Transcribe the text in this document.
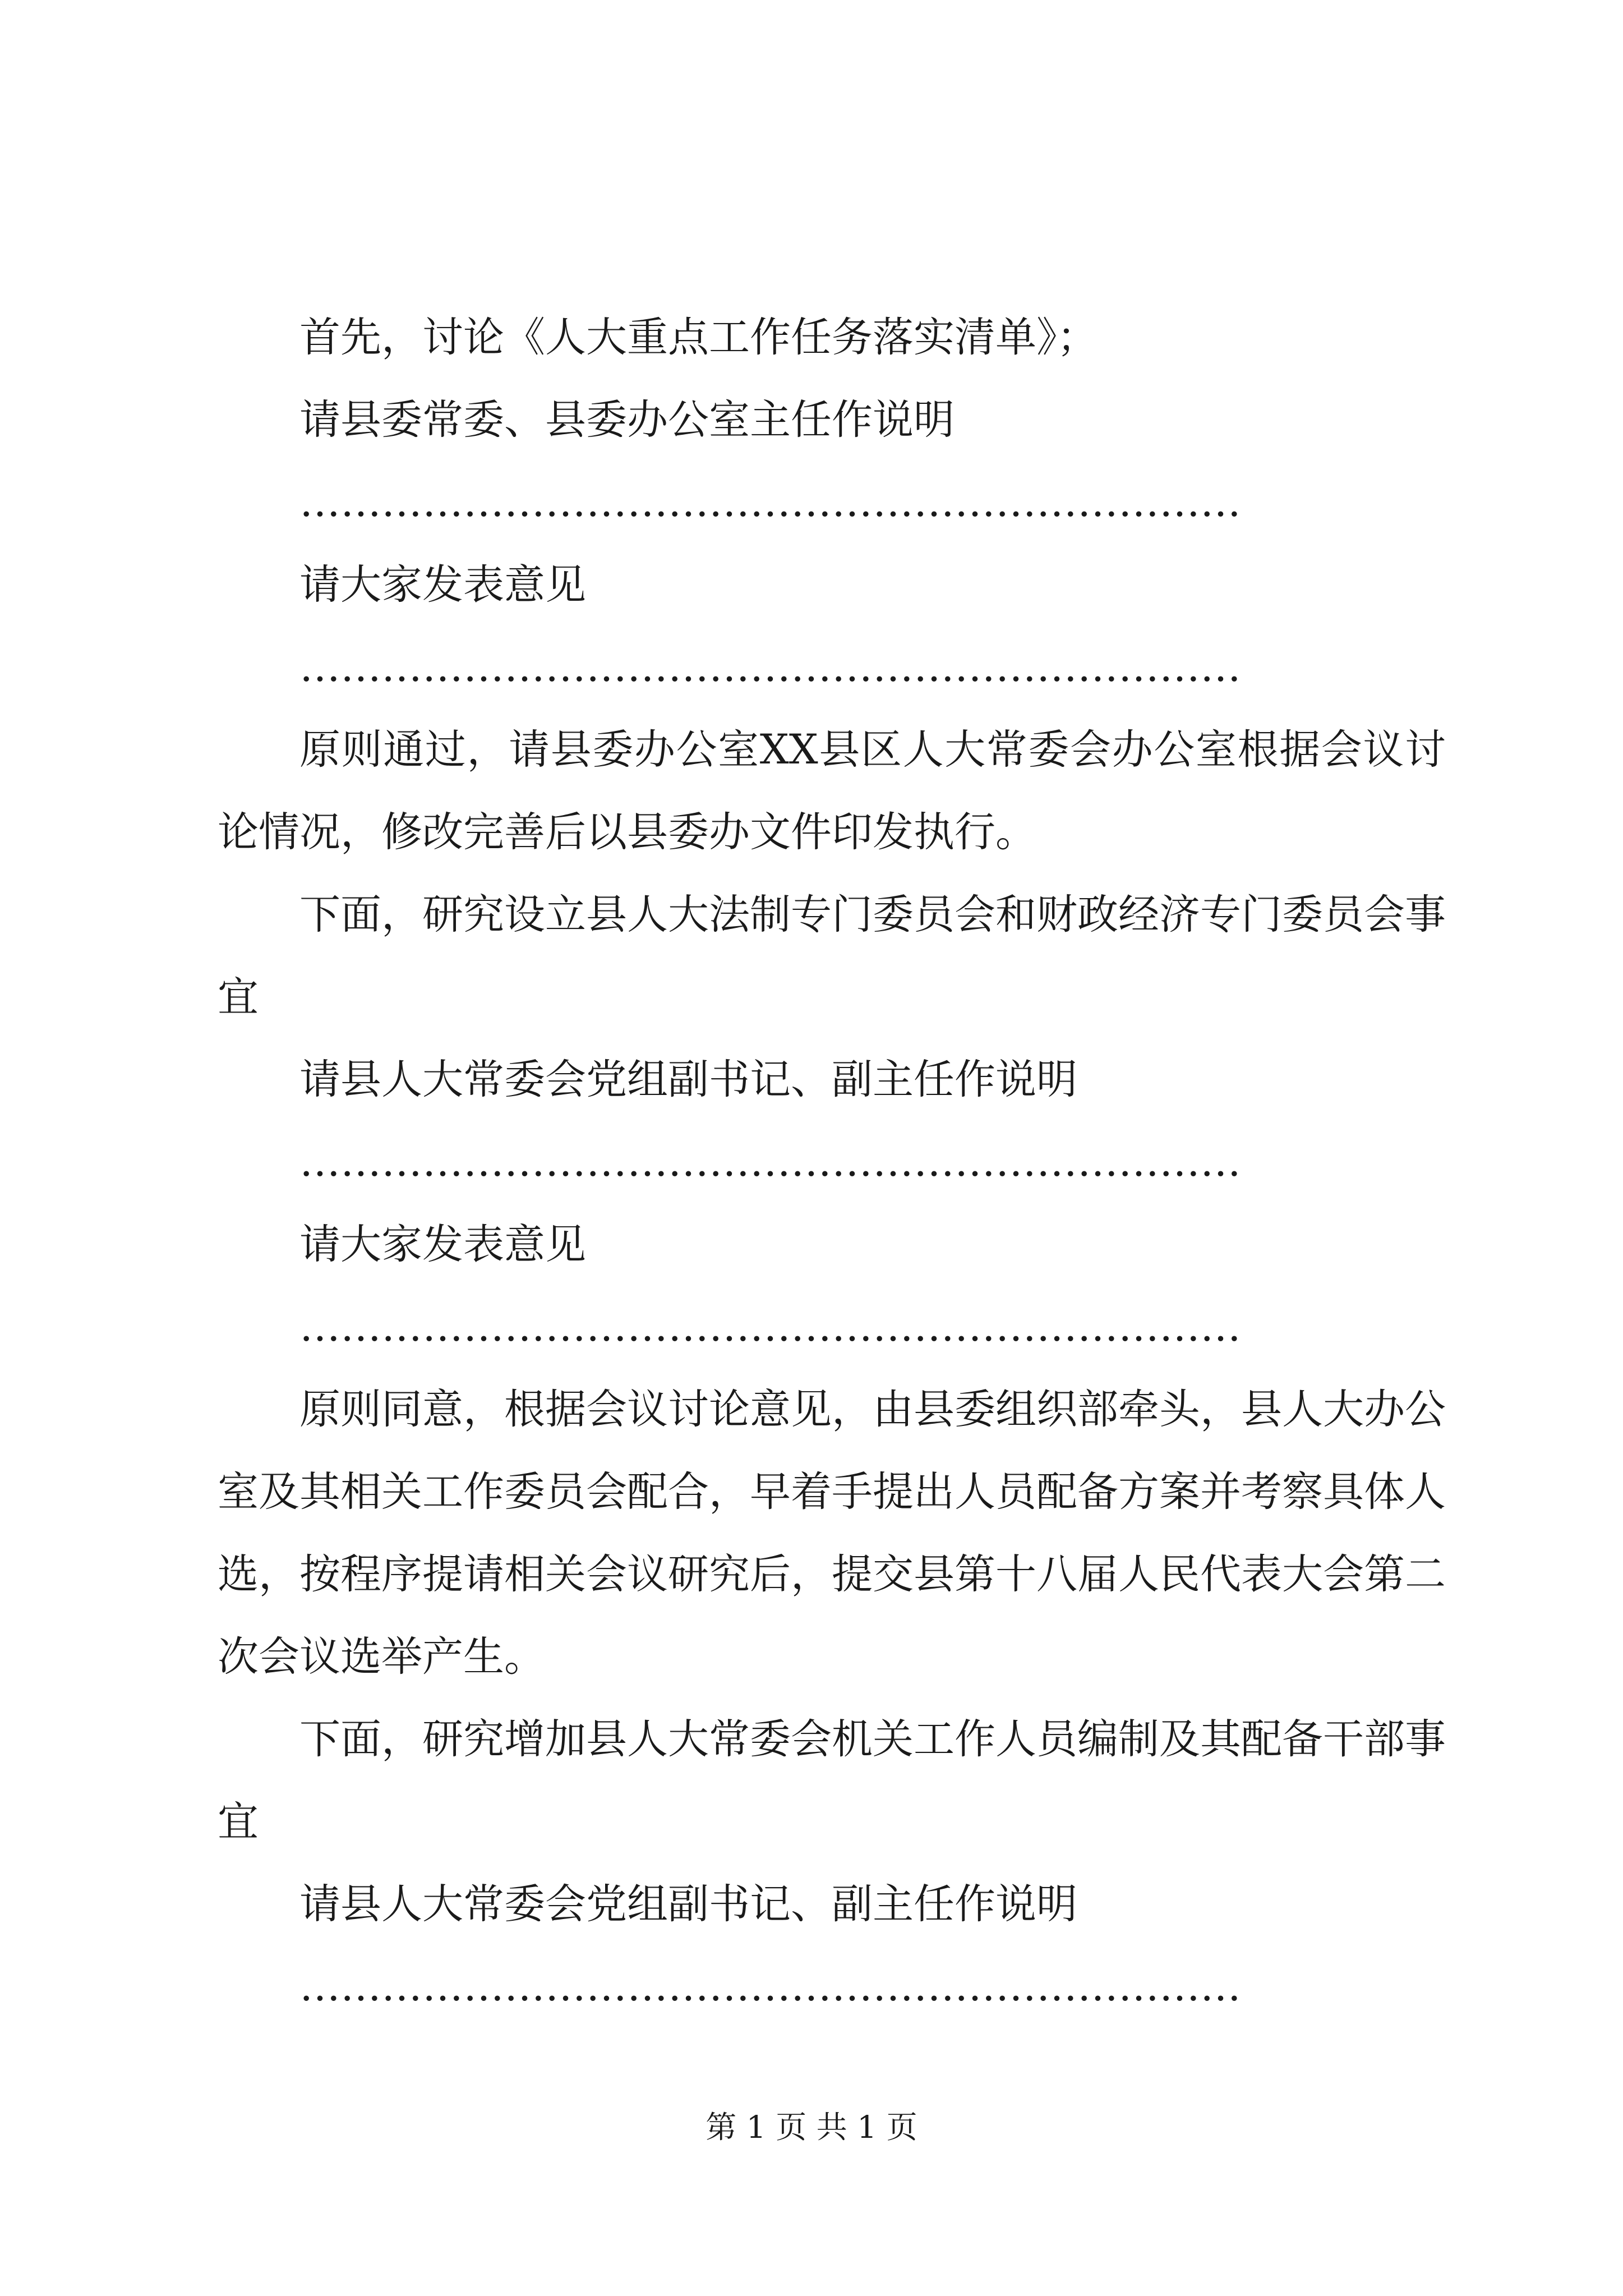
首先，讨论《人大重点工作任务落实清单》；

请县委常委、县委办公室主任作说明

……………………………………………………………

请大家发表意见

……………………………………………………………

原则通过，请县委办公室XX县区人大常委会办公室根据会议讨论情况，修改完善后以县委办文件印发执行。

下面，研究设立县人大法制专门委员会和财政经济专门委员会事宜

请县人大常委会党组副书记、副主任作说明

……………………………………………………………

请大家发表意见

……………………………………………………………

原则同意，根据会议讨论意见，由县委组织部牵头，县人大办公室及其相关工作委员会配合，早着手提出人员配备方案并考察具体人选，按程序提请相关会议研究后，提交县第十八届人民代表大会第二次会议选举产生。

下面，研究增加县人大常委会机关工作人员编制及其配备干部事宜

请县人大常委会党组副书记、副主任作说明

……………………………………………………………

第 1 页 共 1 页
